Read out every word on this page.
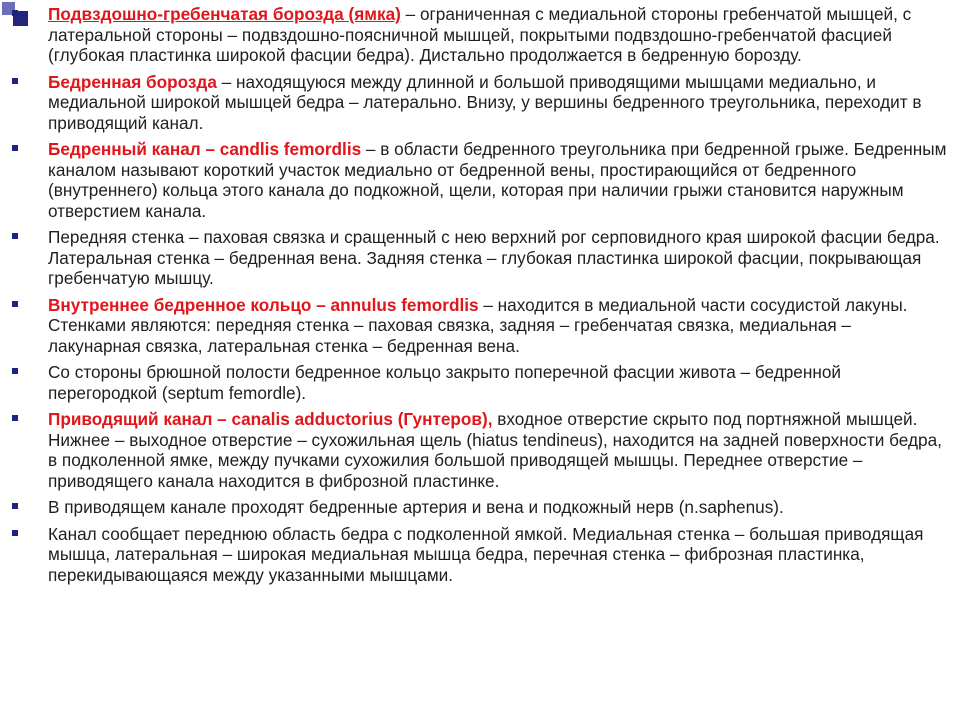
Подвздошно-гребенчатая борозда (ямка) – ограниченная с медиальной стороны гребенчатой мышцей, с латеральной стороны – подвздошно-поясничной мышцей, покрытыми подвздошно-гребенчатой фасцией (глубокая пластинка широкой фасции бедра). Дистально продолжается в бедренную борозду.
Бедренная борозда – находящуюся между длинной и большой приводящими мышцами медиально, и медиальной широкой мышцей бедра – латерально. Внизу, у вершины бедренного треугольника, переходит в приводящий канал.
Бедренный канал – candlis femordlis – в области бедренного треугольника при бедренной грыже. Бедренным каналом называют короткий участок медиально от бедренной вены, простирающийся от бедренного (внутреннего) кольца этого канала до подкожной, щели, которая при наличии грыжи становится наружным отверстием канала.
Передняя стенка – паховая связка и сращенный с нею верхний рог серповидного края широкой фасции бедра. Латеральная стенка – бедренная вена. Задняя стенка – глубокая пластинка широкой фасции, покрывающая гребенчатую мышцу.
Внутреннее бедренное кольцо – annulus femordlis – находится в медиальной части сосудистой лакуны. Стенками являются: передняя стенка – паховая связка, задняя – гребенчатая связка, медиальная – лакунарная связка, латеральная стенка – бедренная вена.
Со стороны брюшной полости бедренное кольцо закрыто поперечной фасции живота – бедренной перегородкой (septum femordle).
Приводящий канал – canalis adductorius (Гунтеров), входное отверстие скрыто под портняжной мышцей. Нижнее – выходное отверстие – сухожильная щель (hiatus tendineus), находится на задней поверхности бедра, в подколенной ямке, между пучками сухожилия большой приводящей мышцы. Переднее отверстие – приводящего канала находится в фиброзной пластинке.
В приводящем канале проходят бедренные артерия и вена и подкожный нерв (n.saphenus).
Канал сообщает переднюю область бедра с подколенной ямкой. Медиальная стенка – большая приводящая мышца, латеральная – широкая медиальная мышца бедра, перечная стенка – фиброзная пластинка, перекидывающаяся между указанными мышцами.
